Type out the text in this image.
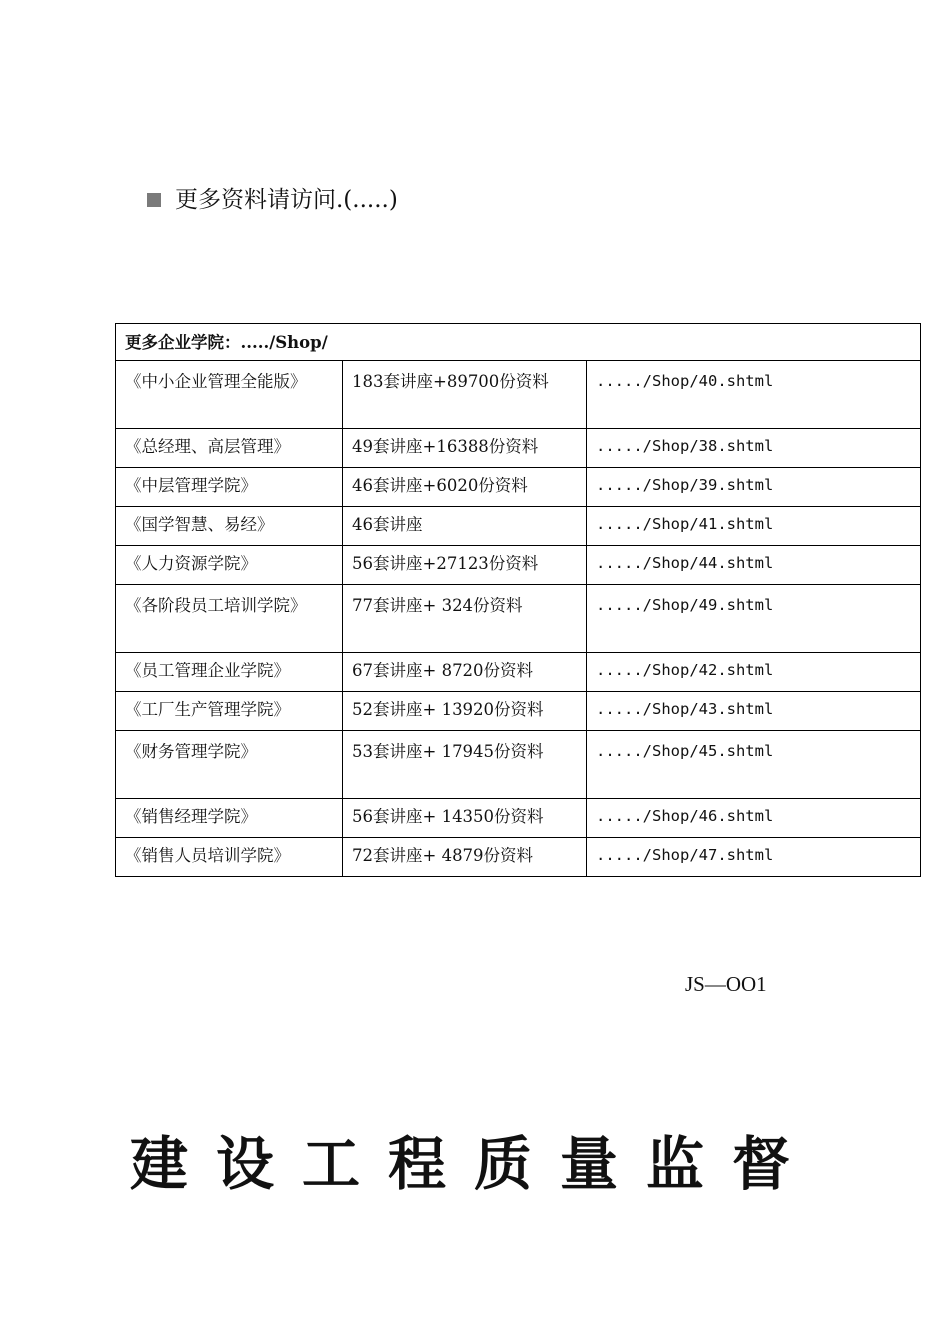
更多资料请访问.(.....)
更多企业学院：...../Shop/		
《中小企业管理全能版》	183套讲座+89700份资料	...../Shop/40.shtml
《总经理、高层管理》	49套讲座+16388份资料	...../Shop/38.shtml
《中层管理学院》	46套讲座+6020份资料	...../Shop/39.shtml
《国学智慧、易经》	46套讲座	...../Shop/41.shtml
《人力资源学院》	56套讲座+27123份资料	...../Shop/44.shtml
《各阶段员工培训学院》	77套讲座+ 324份资料	...../Shop/49.shtml
《员工管理企业学院》	67套讲座+ 8720份资料	...../Shop/42.shtml
《工厂生产管理学院》	52套讲座+ 13920份资料	...../Shop/43.shtml
《财务管理学院》	53套讲座+ 17945份资料	...../Shop/45.shtml
《销售经理学院》	56套讲座+ 14350份资料	...../Shop/46.shtml
《销售人员培训学院》	72套讲座+ 4879份资料	...../Shop/47.shtml
JS—OO1
建设工程质量监督
